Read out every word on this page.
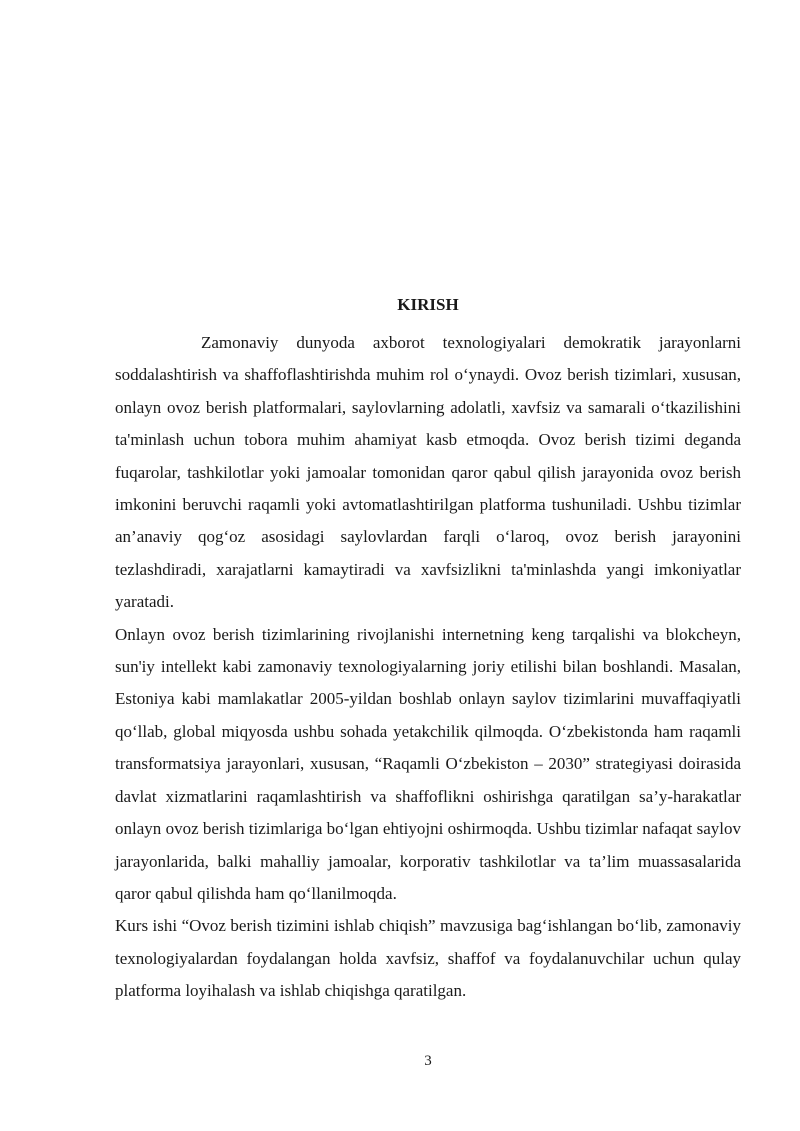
KIRISH

Zamonaviy dunyoda axborot texnologiyalari demokratik jarayonlarni soddalashtirish va shaffoflashtirishda muhim rol o‘ynaydi. Ovoz berish tizimlari, xususan, onlayn ovoz berish platformalari, saylovlarning adolatli, xavfsiz va samarali o‘tkazilishini ta'minlash uchun tobora muhim ahamiyat kasb etmoqda. Ovoz berish tizimi deganda fuqarolar, tashkilotlar yoki jamoalar tomonidan qaror qabul qilish jarayonida ovoz berish imkonini beruvchi raqamli yoki avtomatlashtirilgan platforma tushuniladi. Ushbu tizimlar an’anaviy qog‘oz asosidagi saylovlardan farqli o‘laroq, ovoz berish jarayonini tezlashdiradi, xarajatlarni kamaytiradi va xavfsizlikni ta'minlashda yangi imkoniyatlar yaratadi.

Onlayn ovoz berish tizimlarining rivojlanishi internetning keng tarqalishi va blokcheyn, sun'iy intellekt kabi zamonaviy texnologiyalarning joriy etilishi bilan boshlandi. Masalan, Estoniya kabi mamlakatlar 2005-yildan boshlab onlayn saylov tizimlarini muvaffaqiyatli qo‘llab, global miqyosda ushbu sohada yetakchilik qilmoqda. O‘zbekistonda ham raqamli transformatsiya jarayonlari, xususan, “Raqamli O‘zbekiston – 2030” strategiyasi doirasida davlat xizmatlarini raqamlashtirish va shaffoflikni oshirishga qaratilgan sa’y-harakatlar onlayn ovoz berish tizimlariga bo‘lgan ehtiyojni oshirmoqda. Ushbu tizimlar nafaqat saylov jarayonlarida, balki mahalliy jamoalar, korporativ tashkilotlar va ta’lim muassasalarida qaror qabul qilishda ham qo‘llanilmoqda.

Kurs ishi “Ovoz berish tizimini ishlab chiqish” mavzusiga bag‘ishlangan bo‘lib, zamonaviy texnologiyalardan foydalangan holda xavfsiz, shaffof va foydalanuvchilar uchun qulay platforma loyihalash va ishlab chiqishga qaratilgan.

3
